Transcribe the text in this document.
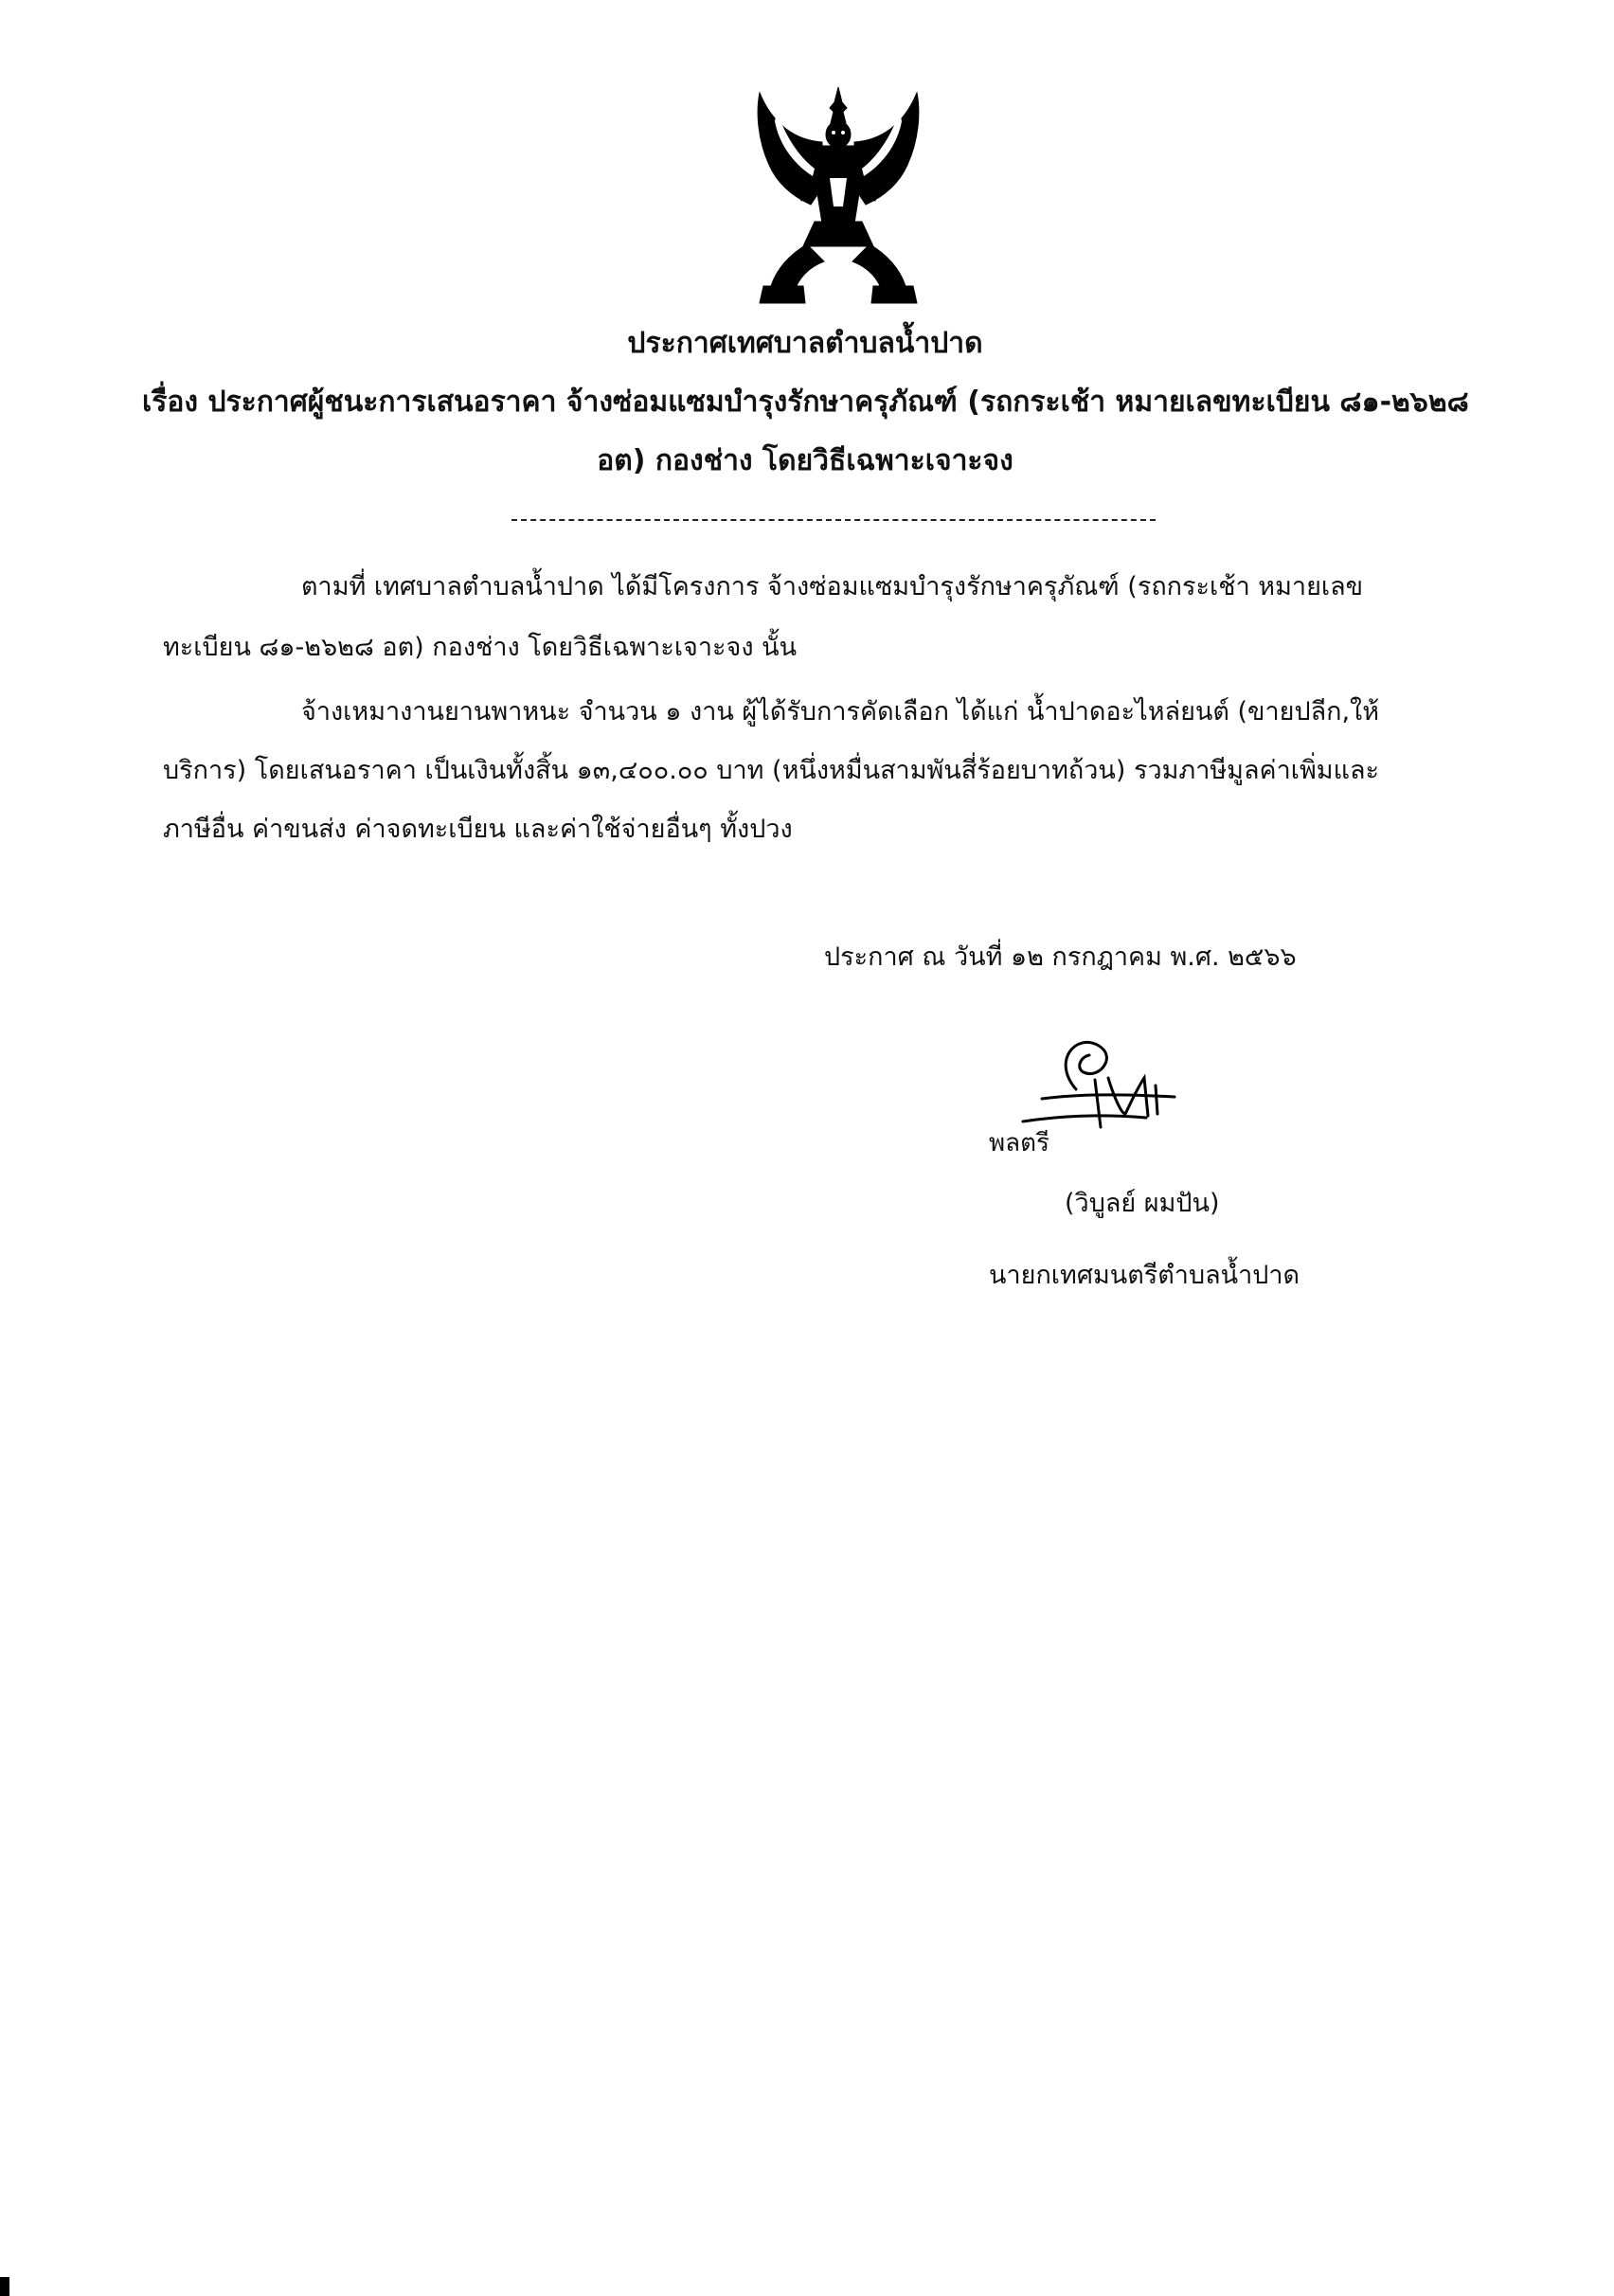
ประกาศเทศบาลตำบลน้ำปาด
เรื่อง ประกาศผู้ชนะการเสนอราคา จ้างซ่อมแซมบำรุงรักษาครุภัณฑ์ (รถกระเช้า หมายเลขทะเบียน ๘๑-๒๖๒๘
อต) กองช่าง โดยวิธีเฉพาะเจาะจง
ตามที่ เทศบาลตำบลน้ำปาด ได้มีโครงการ จ้างซ่อมแซมบำรุงรักษาครุภัณฑ์ (รถกระเช้า หมายเลข
ทะเบียน ๘๑-๒๖๒๘ อต) กองช่าง โดยวิธีเฉพาะเจาะจง นั้น
จ้างเหมางานยานพาหนะ จำนวน ๑ งาน ผู้ได้รับการคัดเลือก ได้แก่ น้ำปาดอะไหล่ยนต์ (ขายปลีก,ให้
บริการ) โดยเสนอราคา เป็นเงินทั้งสิ้น ๑๓,๔๐๐.๐๐ บาท (หนึ่งหมื่นสามพันสี่ร้อยบาทถ้วน) รวมภาษีมูลค่าเพิ่มและ
ภาษีอื่น ค่าขนส่ง ค่าจดทะเบียน และค่าใช้จ่ายอื่นๆ ทั้งปวง
ประกาศ ณ วันที่ ๑๒ กรกฎาคม พ.ศ. ๒๕๖๖
พลตรี
(วิบูลย์ ผมปัน)
นายกเทศมนตรีตำบลน้ำปาด
